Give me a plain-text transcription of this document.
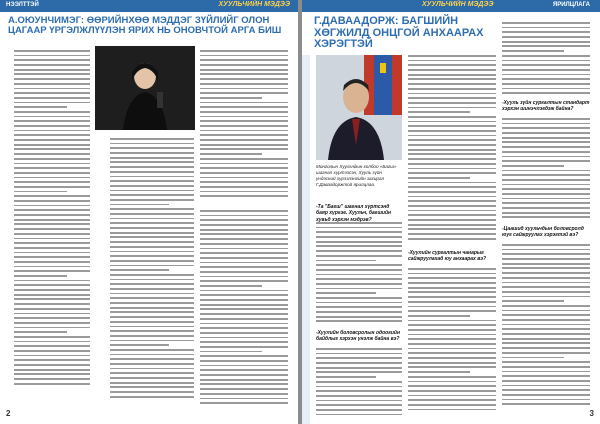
НЭЭЛТТЭЙ	ХУУЛЬЧИЙН МЭДЭЭ
А.ОЮУНЧИМЭГ: ӨӨРИЙНХӨӨ МЭДДЭГ ЗҮЙЛИЙГ ОЛОН ЦАГААР ҮРГЭЛЖЛҮҮЛЭН ЯРИХ НЬ ОНОВЧТОЙ АРГА БИШ
2
ХУУЛЬЧИЙН МЭДЭЭ	ЯРИЛЦЛАГА
Г.ДАВААДОРЖ: БАГШИЙН ХӨГЖИЛД ОНЦГОЙ АНХААРАХ ХЭРЭГТЭЙ
Монголын Хуульчдын холбоо «Багш» шагнал хүртээсэн, Хууль зүйн үндэсний хүрээлэнгийн захирал Г.Даваадоржтой ярилцлаа.
-Та "Багш" шагнал хүртсэнд баяр хүргэе. Хуульч, багшийн хувьд хэрхэн мэдрэв?
-Хуулийн боловсролын одоогийн байдлыг хэрхэн үнэлж байна вэ?
-Хуулийн сургалтын чанарыг сайжруулахад юу анхаарах вэ?
-Хууль зүйн сургалтын стандарт хэрхэн шинэчлэгдэж байна?
-Цаашид хуульчдын боловсролд юуг сайжруулах хэрэгтэй вэ?
3
